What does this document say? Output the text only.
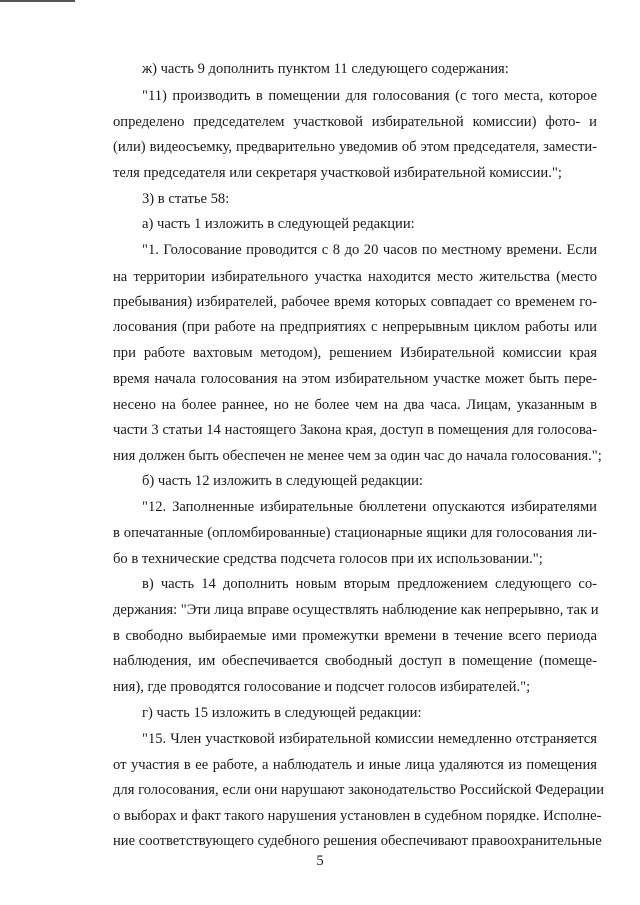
ж) часть 9 дополнить пунктом 11 следующего содержания:
"11) производить в помещении для голосования (с того места, которое
определено председателем участковой избирательной комиссии) фото- и
(или) видеосъемку, предварительно уведомив об этом председателя, замести-
теля председателя или секретаря участковой избирательной комиссии.";
3) в статье 58:
а) часть 1 изложить в следующей редакции:
"1. Голосование проводится с 8 до 20 часов по местному времени. Если
на территории избирательного участка находится место жительства (место
пребывания) избирателей, рабочее время которых совпадает со временем го-
лосования (при работе на предприятиях с непрерывным циклом работы или
при работе вахтовым методом), решением Избирательной комиссии края
время начала голосования на этом избирательном участке может быть пере-
несено на более раннее, но не более чем на два часа. Лицам, указанным в
части 3 статьи 14 настоящего Закона края, доступ в помещения для голосова-
ния должен быть обеспечен не менее чем за один час до начала голосования.";
б) часть 12 изложить в следующей редакции:
"12. Заполненные избирательные бюллетени опускаются избирателями
в опечатанные (опломбированные) стационарные ящики для голосования ли-
бо в технические средства подсчета голосов при их использовании.";
в) часть 14 дополнить новым вторым предложением следующего со-
держания: "Эти лица вправе осуществлять наблюдение как непрерывно, так и
в свободно выбираемые ими промежутки времени в течение всего периода
наблюдения, им обеспечивается свободный доступ в помещение (помеще-
ния), где проводятся голосование и подсчет голосов избирателей.";
г) часть 15 изложить в следующей редакции:
"15. Член участковой избирательной комиссии немедленно отстраняется
от участия в ее работе, а наблюдатель и иные лица удаляются из помещения
для голосования, если они нарушают законодательство Российской Федерации
о выборах и факт такого нарушения установлен в судебном порядке. Исполне-
ние соответствующего судебного решения обеспечивают правоохранительные
5
